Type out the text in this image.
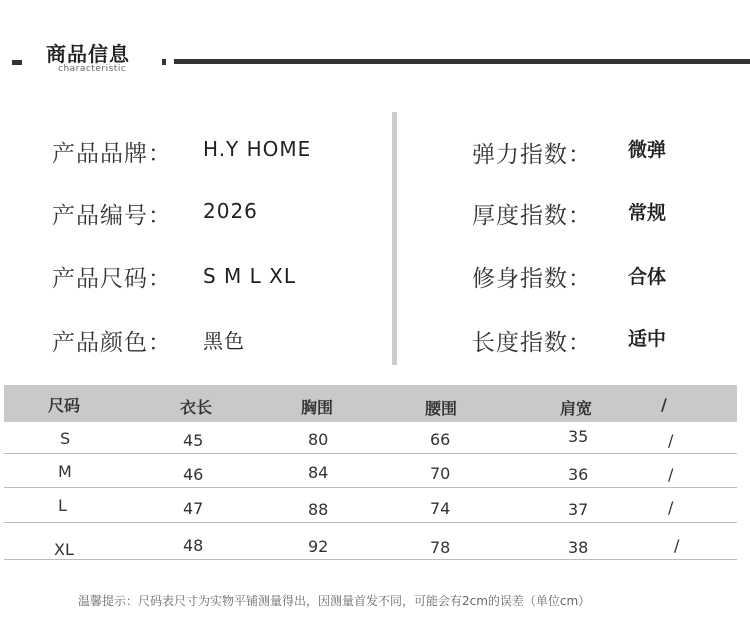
商品信息
characteristic
产品品牌： H.Y HOME
产品编号： 2026
产品尺码： S M L XL
产品颜色： 黑色
弹力指数： 微弹
厚度指数： 常规
修身指数： 合体
长度指数： 适中
尺码	衣长	胸围	腰围	肩宽	/
S	45	80	66	35	/
M	46	84	70	36	/
L	47	88	74	37	/
XL	48	92	78	38	/
温馨提示：尺码表尺寸为实物平铺测量得出，因测量首发不同，可能会有2cm的误差（单位cm）
